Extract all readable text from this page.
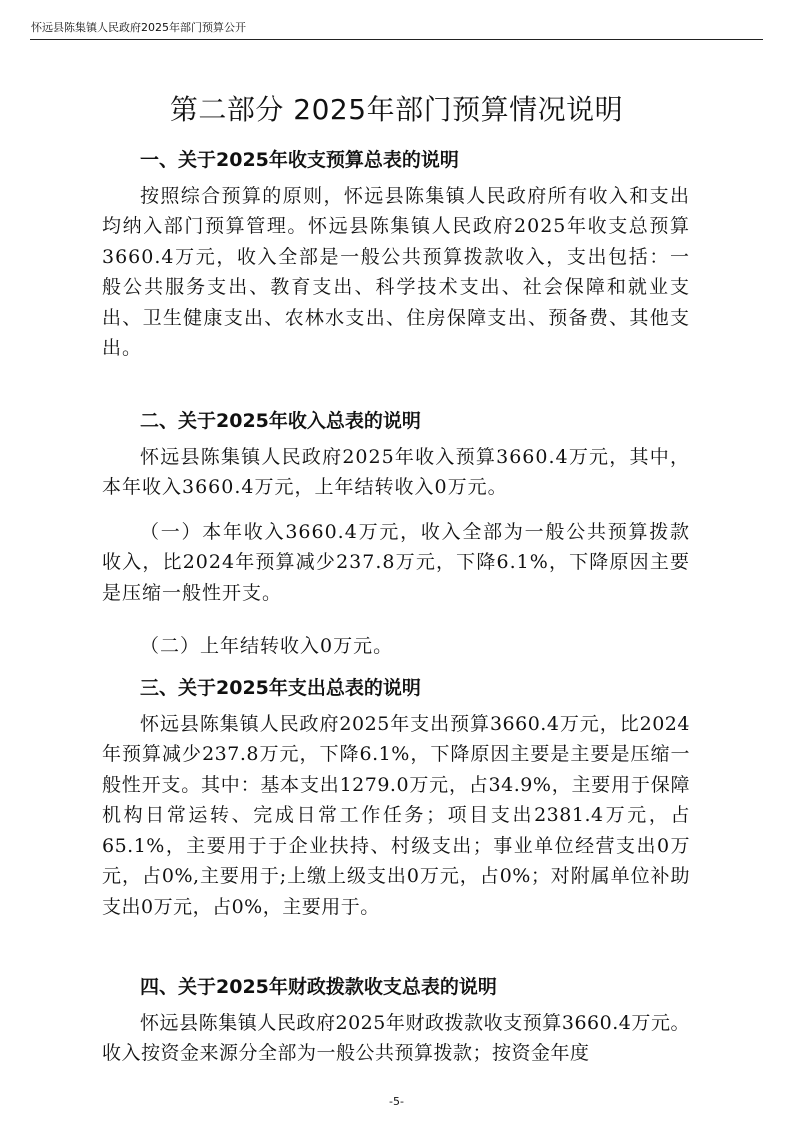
怀远县陈集镇人民政府2025年部门预算公开
第二部分 2025年部门预算情况说明
一、关于2025年收支预算总表的说明

按照综合预算的原则，怀远县陈集镇人民政府所有收入和支出均纳入部门预算管理。怀远县陈集镇人民政府2025年收支总预算3660.4万元，收入全部是一般公共预算拨款收入，支出包括：一般公共服务支出、教育支出、科学技术支出、社会保障和就业支出、卫生健康支出、农林水支出、住房保障支出、预备费、其他支出。

二、关于2025年收入总表的说明

怀远县陈集镇人民政府2025年收入预算3660.4万元，其中，本年收入3660.4万元，上年结转收入0万元。

（一）本年收入3660.4万元，收入全部为一般公共预算拨款收入，比2024年预算减少237.8万元，下降6.1%，下降原因主要是压缩一般性开支。

（二）上年结转收入0万元。

三、关于2025年支出总表的说明

怀远县陈集镇人民政府2025年支出预算3660.4万元，比2024年预算减少237.8万元，下降6.1%，下降原因主要是主要是压缩一般性开支。其中：基本支出1279.0万元，占34.9%，主要用于保障机构日常运转、完成日常工作任务；项目支出2381.4万元，占65.1%，主要用于于企业扶持、村级支出；事业单位经营支出0万元，占0%,主要用于;上缴上级支出0万元，占0%；对附属单位补助支出0万元，占0%，主要用于。

四、关于2025年财政拨款收支总表的说明

怀远县陈集镇人民政府2025年财政拨款收支预算3660.4万元。收入按资金来源分全部为一般公共预算拨款；按资金年度

-5-
